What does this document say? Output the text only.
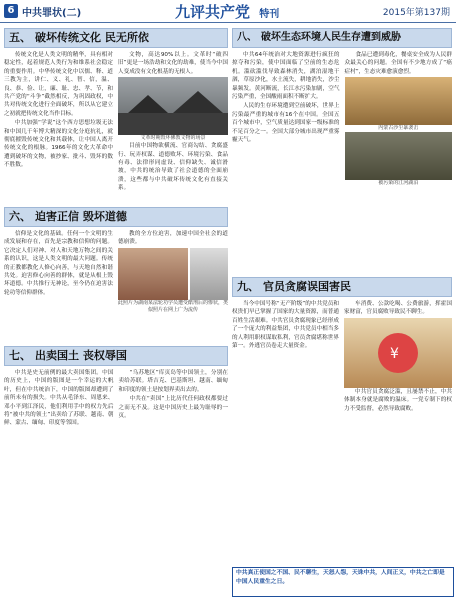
6 中共罪状(二)	九评共产党 特刊	2015年第137期
五、 破坏传统文化 民无所依

传统文化是人类文明的精华，具有相对稳定性，起着规范人类行为和维系社会稳定的重要作用。中华传统文化中以儒、释、道三教为主，讲仁、义、礼、智、信，温、良、恭、俭、让，廉、耻、忠、孝、节，和共产党的“斗争”截然相反，为巩固政权，中共对传统文化进行全面破坏，所以从它建立之初就把传统文化当作目标。

中共加强“学说”这个西方思想垃圾无法和中国几千年博大精深的文化分庭抗礼，就彻底摧毁传统文化和其载体，让中国人离开传统文化的根脉。1966年的文化大革命中遭到破坏的文物，被抄家、批斗、毁坏的数不胜数。

文物，高达90%以上。文革时“破四旧”更是一场浩劫和文化的劫难，使当今中国人变成没有文化根基的无根人。

文革时期毁坏佛教文物的场景

目前中国物欲横流、官商勾结、贪腐盛行、玩弄权谋、道德败坏、环境污染、食品有毒、法律形同虚设、信仰缺失、诚信滑坡，中共的统治导致了社会道德的全面崩溃，这些都与中共破坏传统文化有直接关系。

六、 迫害正信 毁坏道德

信仰是文化的基础。任何一个文明的生成发展和存在，首先是宗教和信仰的问题。它决定人们对神、对人和天地万物之间的关系的认识，这是人类文明的最大问题。传统的正教都教化人修心向善，与天地自然和谐共处。迫害修心向善的群体，就是从根上毁坏道德。中共推行无神论，至今仍在迫害法轮功等信仰群体。

教的全方位迫害，加速中国全社会的道德崩溃。

此照片为湖南某法轮功学员遭受酷刑后的惨状，类似照片在网上广为流传
七、 出卖国土 丧权辱国

中共是史无前例的最大卖国集团。中国的历史上，中国的版图是一个幸运的大帆叶，但在中共统治下，中国的版图却遭到了前所未有的损失。中共从毛泽东、周恩来、邓小平到江泽民，他们利用手中的权力先后将“被中共的领土”出卖给了苏联、越南、朝鲜、蒙古、缅甸、印度等邻国。

“乌苏地区”库页岛等中国领土，分别在卖给苏联。塔吉克、巴基斯坦、越南、缅甸和印度的领土是按划界卖出去的。

中共在“卖国”上比历代任何政权都要过之而无不及。这是中国历史上最为耻辱的一页。

八、 破坏生态环境人民生存遭到威胁

中共64年统治对大地资源进行疯狂的掠夺和污染，使中国面临了空前的生态危机。滥砍滥伐导致森林消失，湖泊湿地干涸，草原沙化，水土流失，耕地消失，沙尘暴频发。黄河断流，长江水污染加剧，空气污染严重，全国酸雨面积不断扩大。

人民的生存环境遭到空前破坏，世界上污染最严重的城市有16个在中国。全国五百个城市中，空气质量达到国家一级标准的不足百分之一。全国大部分城市出现严重雾霾天气。

食品已遭到毒化，餐桌安全成为人民群众最关心的问题。全国有不少地方成了“癌症村”，生态灾难愈演愈烈。

内蒙古沙尘暴袭击
被污染的江河湖泊
九、 官员贪腐误国害民

当今中国号称“无产阶级”的中共党员和权贵们早已掌握了国家的大量资源，而普通百姓生活艰难。中共官员贪腐现象已经形成了一个庞大的利益集团，中共党员中相当多的人利用职权谋取私利，官员贪腐堪称世界第一。外逃官员卷走大量资金。

车消费、公款吃喝、公费旅游，挥霍国家财富，官员腐败导致民不聊生。

¥

中共官员贪腐泛滥，且屡禁不止，中共体制本身就是腐败的温床。一党专制下的权力不受监督，必然导致腐败。

中共真正使国之不国、民不聊生，天怒人怨，天诛中共，人间正义，中共之亡即是中国人民重生之日。
